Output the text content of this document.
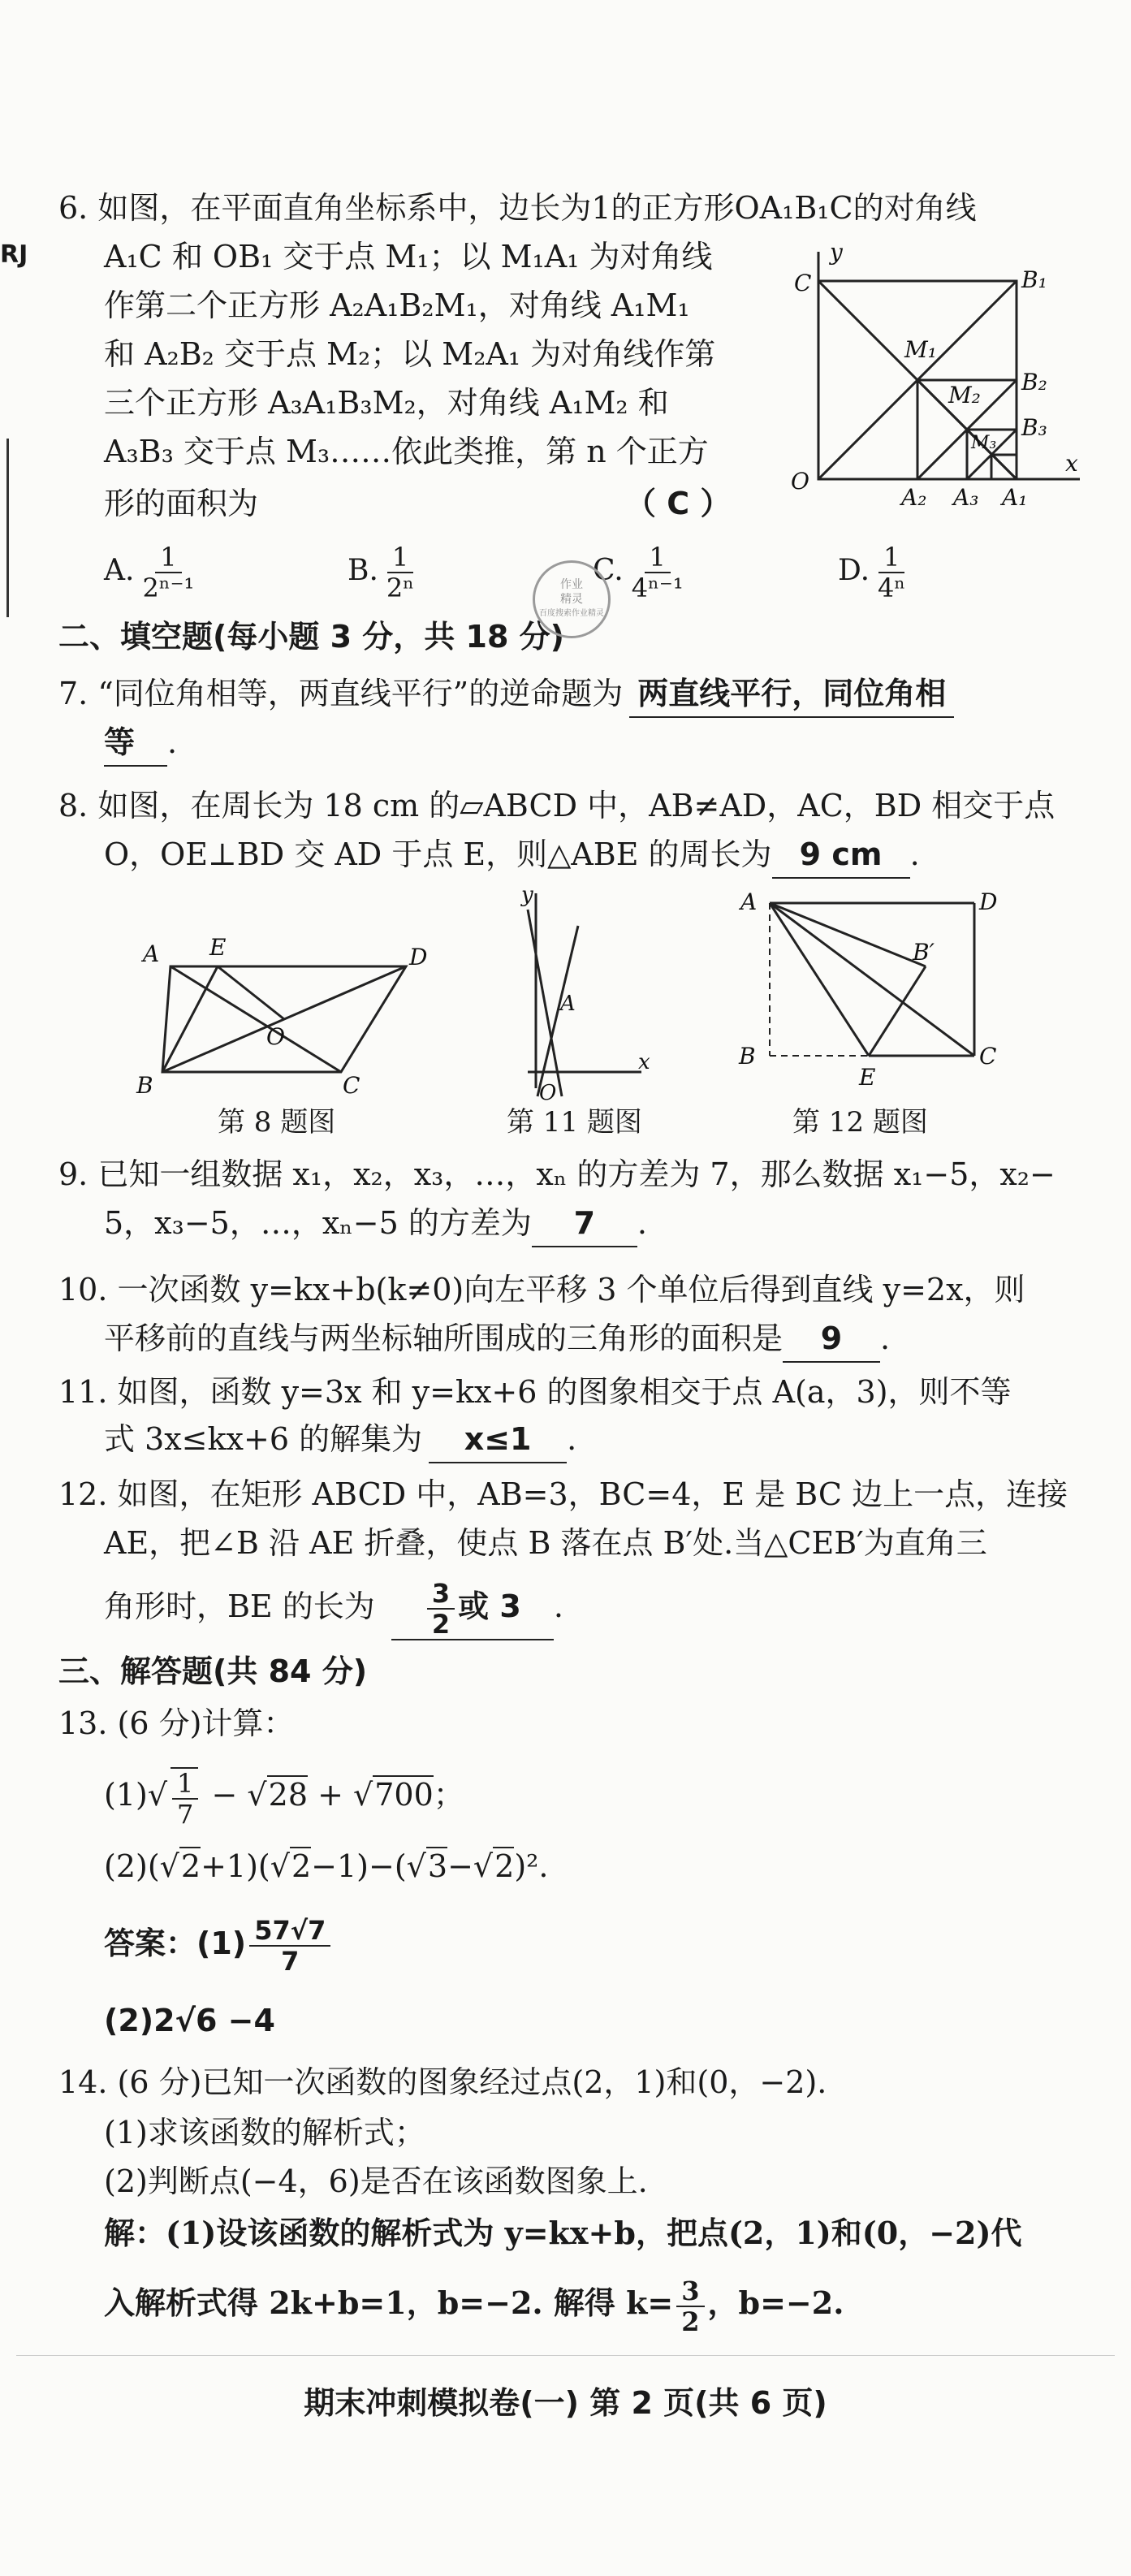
RJ
6. 如图，在平面直角坐标系中，边长为1的正方形OA₁B₁C的对角线
A₁C 和 OB₁ 交于点 M₁；以 M₁A₁ 为对角线
作第二个正方形 A₂A₁B₂M₁，对角线 A₁M₁
和 A₂B₂ 交于点 M₂；以 M₂A₁ 为对角线作第
三个正方形 A₃A₁B₃M₂，对角线 A₁M₂ 和
A₃B₃ 交于点 M₃……依此类推，第 n 个正方
形的面积为	（ C ）
A. $\frac{1}{\text{2ⁿ⁻¹}}$	B. $\frac{1}{\text{2ⁿ}}$	C. $\frac{1}{\text{4ⁿ⁻¹}}$	D. $\frac{1}{\text{4ⁿ}}$
y
C	B₁
M₁
M₂ B₂
M₃
B₃
O
A₂ A₃ A₁
x
二、填空题(每小题 3 分，共 18 分)
作业
精灵
百度搜索作业精灵
7. “同位角相等，两直线平行”的逆命题为 两直线平行，同位角相
等 .
8. 如图，在周长为 18 cm 的▱ABCD 中，AB≠AD，AC，BD 相交于点
O，OE⊥BD 交 AD 于点 E，则△ABE 的周长为 9 cm .
A E	D
O
B	C
第 8 题图
y
A
O
x
第 11 题图
A	D
B′
B
E
C
第 12 题图
9. 已知一组数据 x₁，x₂，x₃，…，xₙ 的方差为 7，那么数据 x₁−5，x₂−
5，x₃−5，…，xₙ−5 的方差为 7 .
10. 一次函数 y=kx+b(k≠0)向左平移 3 个单位后得到直线 y=2x，则
平移前的直线与两坐标轴所围成的三角形的面积是 9 .
11. 如图，函数 y=3x 和 y=kx+6 的图象相交于点 A(a，3)，则不等
式 3x≤kx+6 的解集为 x≤1 .
12. 如图，在矩形 ABCD 中，AB=3，BC=4，E 是 BC 边上一点，连接
AE，把∠B 沿 AE 折叠，使点 B 落在点 B′处.当△CEB′为直角三
角形时，BE 的长为 $\frac{3}{2}$ 或 3 .
三、解答题(共 84 分)
13. (6 分)计算：
$(1)√ \frac{1}{7} - √28 + √700$；
(2)(√2+1)(√2−1)−(√3−√2)².
答案：$(1) \frac{57√7}{7}$
(2)2√6 −4
14. (6 分)已知一次函数的图象经过点(2，1)和(0，−2).
(1)求该函数的解析式；
(2)判断点(−4，6)是否在该函数图象上.
解：(1)设该函数的解析式为 y=kx+b，把点(2，1)和(0，−2)代
入解析式得 2k+b=1，b=−2. 解得 $k= \frac{3}{2}$ ，b=−2.
期末冲刺模拟卷(一) 第 2 页(共 6 页)
